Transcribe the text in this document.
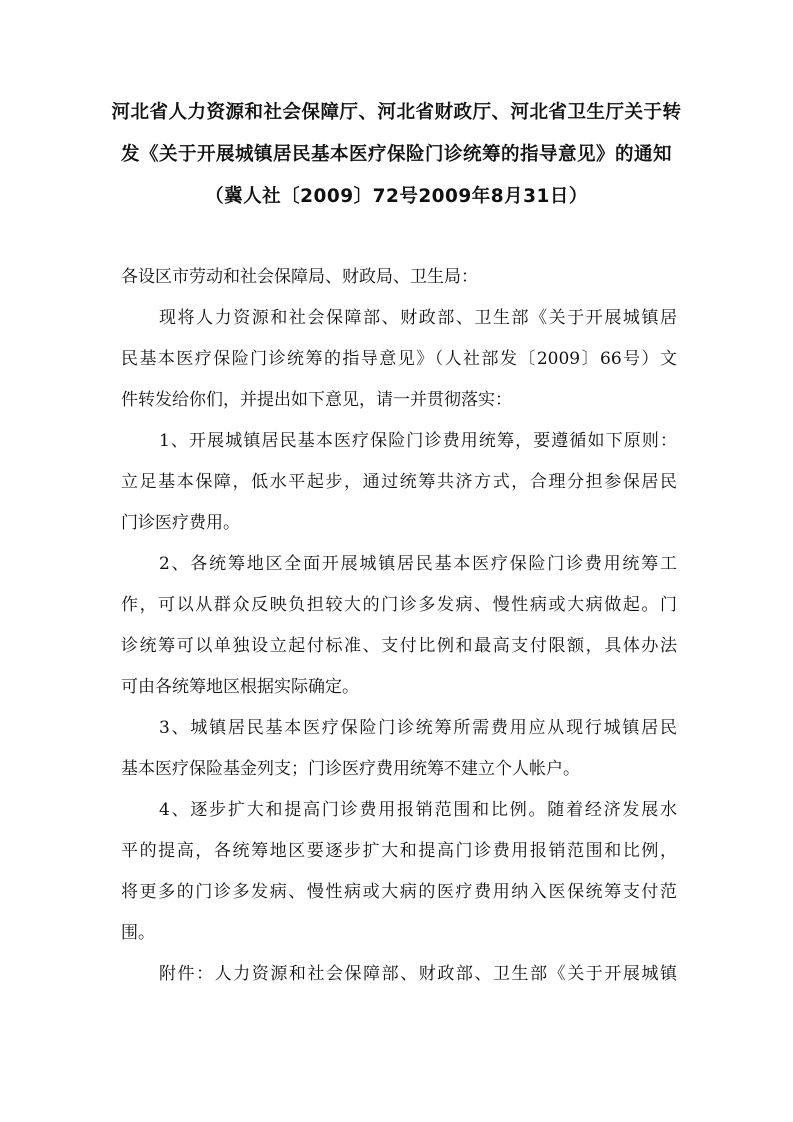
河北省人力资源和社会保障厅、河北省财政厅、河北省卫生厅关于转
发《关于开展城镇居民基本医疗保险门诊统筹的指导意见》的通知
（冀人社〔2009〕72号2009年8月31日）
各设区市劳动和社会保障局、财政局、卫生局：
现将人力资源和社会保障部、财政部、卫生部《关于开展城镇居
民基本医疗保险门诊统筹的指导意见》（人社部发〔2009〕66号）文
件转发给你们，并提出如下意见，请一并贯彻落实：
1、开展城镇居民基本医疗保险门诊费用统筹，要遵循如下原则：
立足基本保障，低水平起步，通过统筹共济方式，合理分担参保居民
门诊医疗费用。
2、各统筹地区全面开展城镇居民基本医疗保险门诊费用统筹工
作，可以从群众反映负担较大的门诊多发病、慢性病或大病做起。门
诊统筹可以单独设立起付标准、支付比例和最高支付限额，具体办法
可由各统筹地区根据实际确定。
3、城镇居民基本医疗保险门诊统筹所需费用应从现行城镇居民
基本医疗保险基金列支；门诊医疗费用统筹不建立个人帐户。
4、逐步扩大和提高门诊费用报销范围和比例。随着经济发展水
平的提高，各统筹地区要逐步扩大和提高门诊费用报销范围和比例，
将更多的门诊多发病、慢性病或大病的医疗费用纳入医保统筹支付范
围。
附件：人力资源和社会保障部、财政部、卫生部《关于开展城镇
